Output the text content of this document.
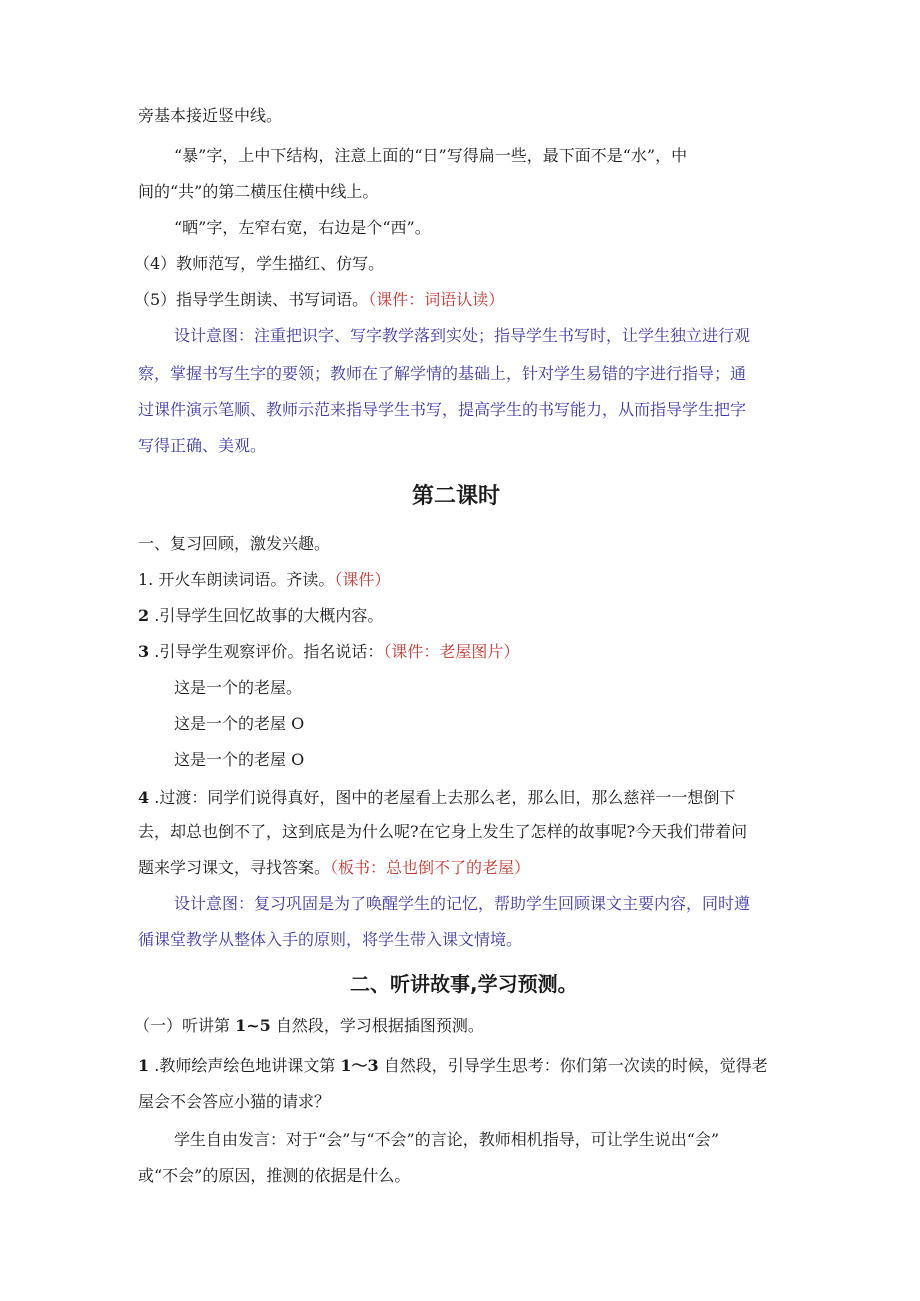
旁基本接近竖中线。
“暴”字，上中下结构，注意上面的“日”写得扁一些，最下面不是“水”，中
间的“共”的第二横压住横中线上。
“晒”字，左窄右宽，右边是个“西”。
（4）教师范写，学生描红、仿写。
（5）指导学生朗读、书写词语。（课件：词语认读）
设计意图：注重把识字、写字教学落到实处；指导学生书写时，让学生独立进行观
察，掌握书写生字的要领；教师在了解学情的基础上，针对学生易错的字进行指导；通
过课件演示笔顺、教师示范来指导学生书写，提高学生的书写能力，从而指导学生把字
写得正确、美观。
第二课时
一、复习回顾，激发兴趣。
1. 开火车朗读词语。齐读。（课件）
2 .引导学生回忆故事的大概内容。
3 .引导学生观察评价。指名说话：（课件：老屋图片）
这是一个的老屋。
这是一个的老屋 O
这是一个的老屋 O
4 .过渡：同学们说得真好，图中的老屋看上去那么老，那么旧，那么慈祥一一想倒下
去，却总也倒不了，这到底是为什么呢?在它身上发生了怎样的故事呢?今天我们带着问
题来学习课文，寻找答案。（板书：总也倒不了的老屋）
设计意图：复习巩固是为了唤醒学生的记忆，帮助学生回顾课文主要内容，同时遵
循课堂教学从整体入手的原则，将学生带入课文情境。
二、听讲故事,学习预测。
（一）听讲第 1~5 自然段，学习根据插图预测。
1 .教师绘声绘色地讲课文第 1～3 自然段，引导学生思考：你们第一次读的时候，觉得老
屋会不会答应小猫的请求？
学生自由发言：对于“会”与“不会”的言论，教师相机指导，可让学生说出“会”
或“不会”的原因，推测的依据是什么。
